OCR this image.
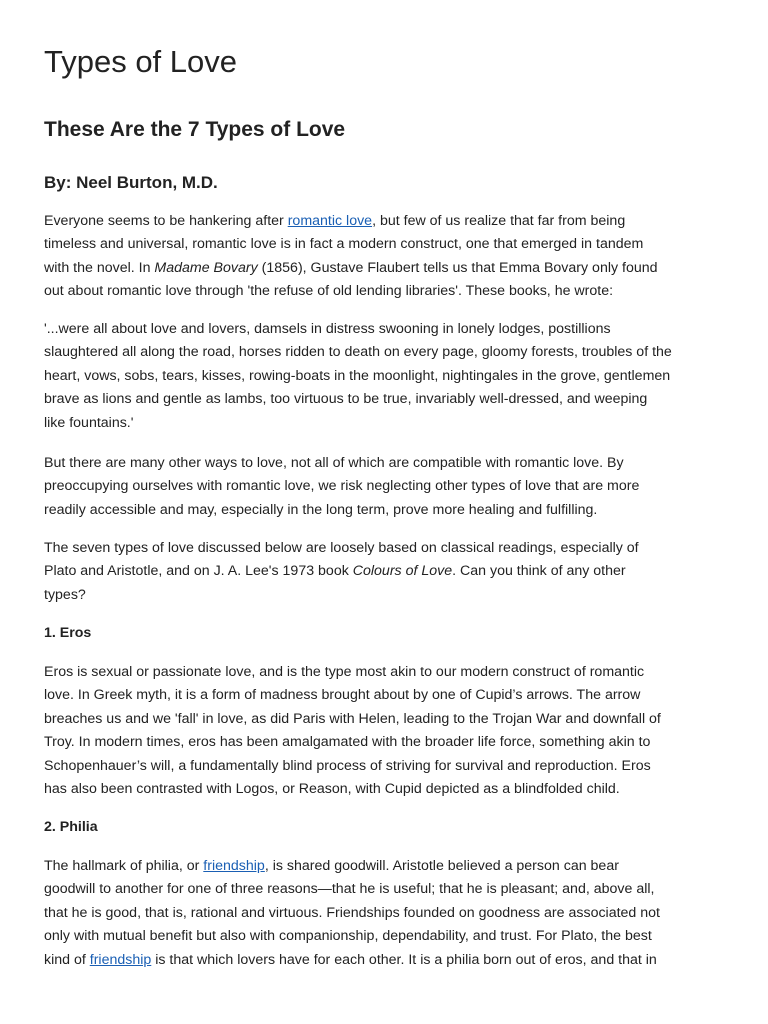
Types of Love
These Are the 7 Types of Love
By: Neel Burton, M.D.

Everyone seems to be hankering after romantic love, but few of us realize that far from being
timeless and universal, romantic love is in fact a modern construct, one that emerged in tandem
with the novel. In Madame Bovary (1856), Gustave Flaubert tells us that Emma Bovary only found
out about romantic love through 'the refuse of old lending libraries'. These books, he wrote:

'...were all about love and lovers, damsels in distress swooning in lonely lodges, postillions
slaughtered all along the road, horses ridden to death on every page, gloomy forests, troubles of the
heart, vows, sobs, tears, kisses, rowing-boats in the moonlight, nightingales in the grove, gentlemen
brave as lions and gentle as lambs, too virtuous to be true, invariably well-dressed, and weeping
like fountains.'

But there are many other ways to love, not all of which are compatible with romantic love. By
preoccupying ourselves with romantic love, we risk neglecting other types of love that are more
readily accessible and may, especially in the long term, prove more healing and fulfilling.

The seven types of love discussed below are loosely based on classical readings, especially of
Plato and Aristotle, and on J. A. Lee's 1973 book Colours of Love. Can you think of any other
types?

1. Eros

Eros is sexual or passionate love, and is the type most akin to our modern construct of romantic
love. In Greek myth, it is a form of madness brought about by one of Cupid’s arrows. The arrow
breaches us and we 'fall' in love, as did Paris with Helen, leading to the Trojan War and downfall of
Troy. In modern times, eros has been amalgamated with the broader life force, something akin to
Schopenhauer’s will, a fundamentally blind process of striving for survival and reproduction. Eros
has also been contrasted with Logos, or Reason, with Cupid depicted as a blindfolded child.

2. Philia

The hallmark of philia, or friendship, is shared goodwill. Aristotle believed a person can bear
goodwill to another for one of three reasons—that he is useful; that he is pleasant; and, above all,
that he is good, that is, rational and virtuous. Friendships founded on goodness are associated not
only with mutual benefit but also with companionship, dependability, and trust. For Plato, the best
kind of friendship is that which lovers have for each other. It is a philia born out of eros, and that in
